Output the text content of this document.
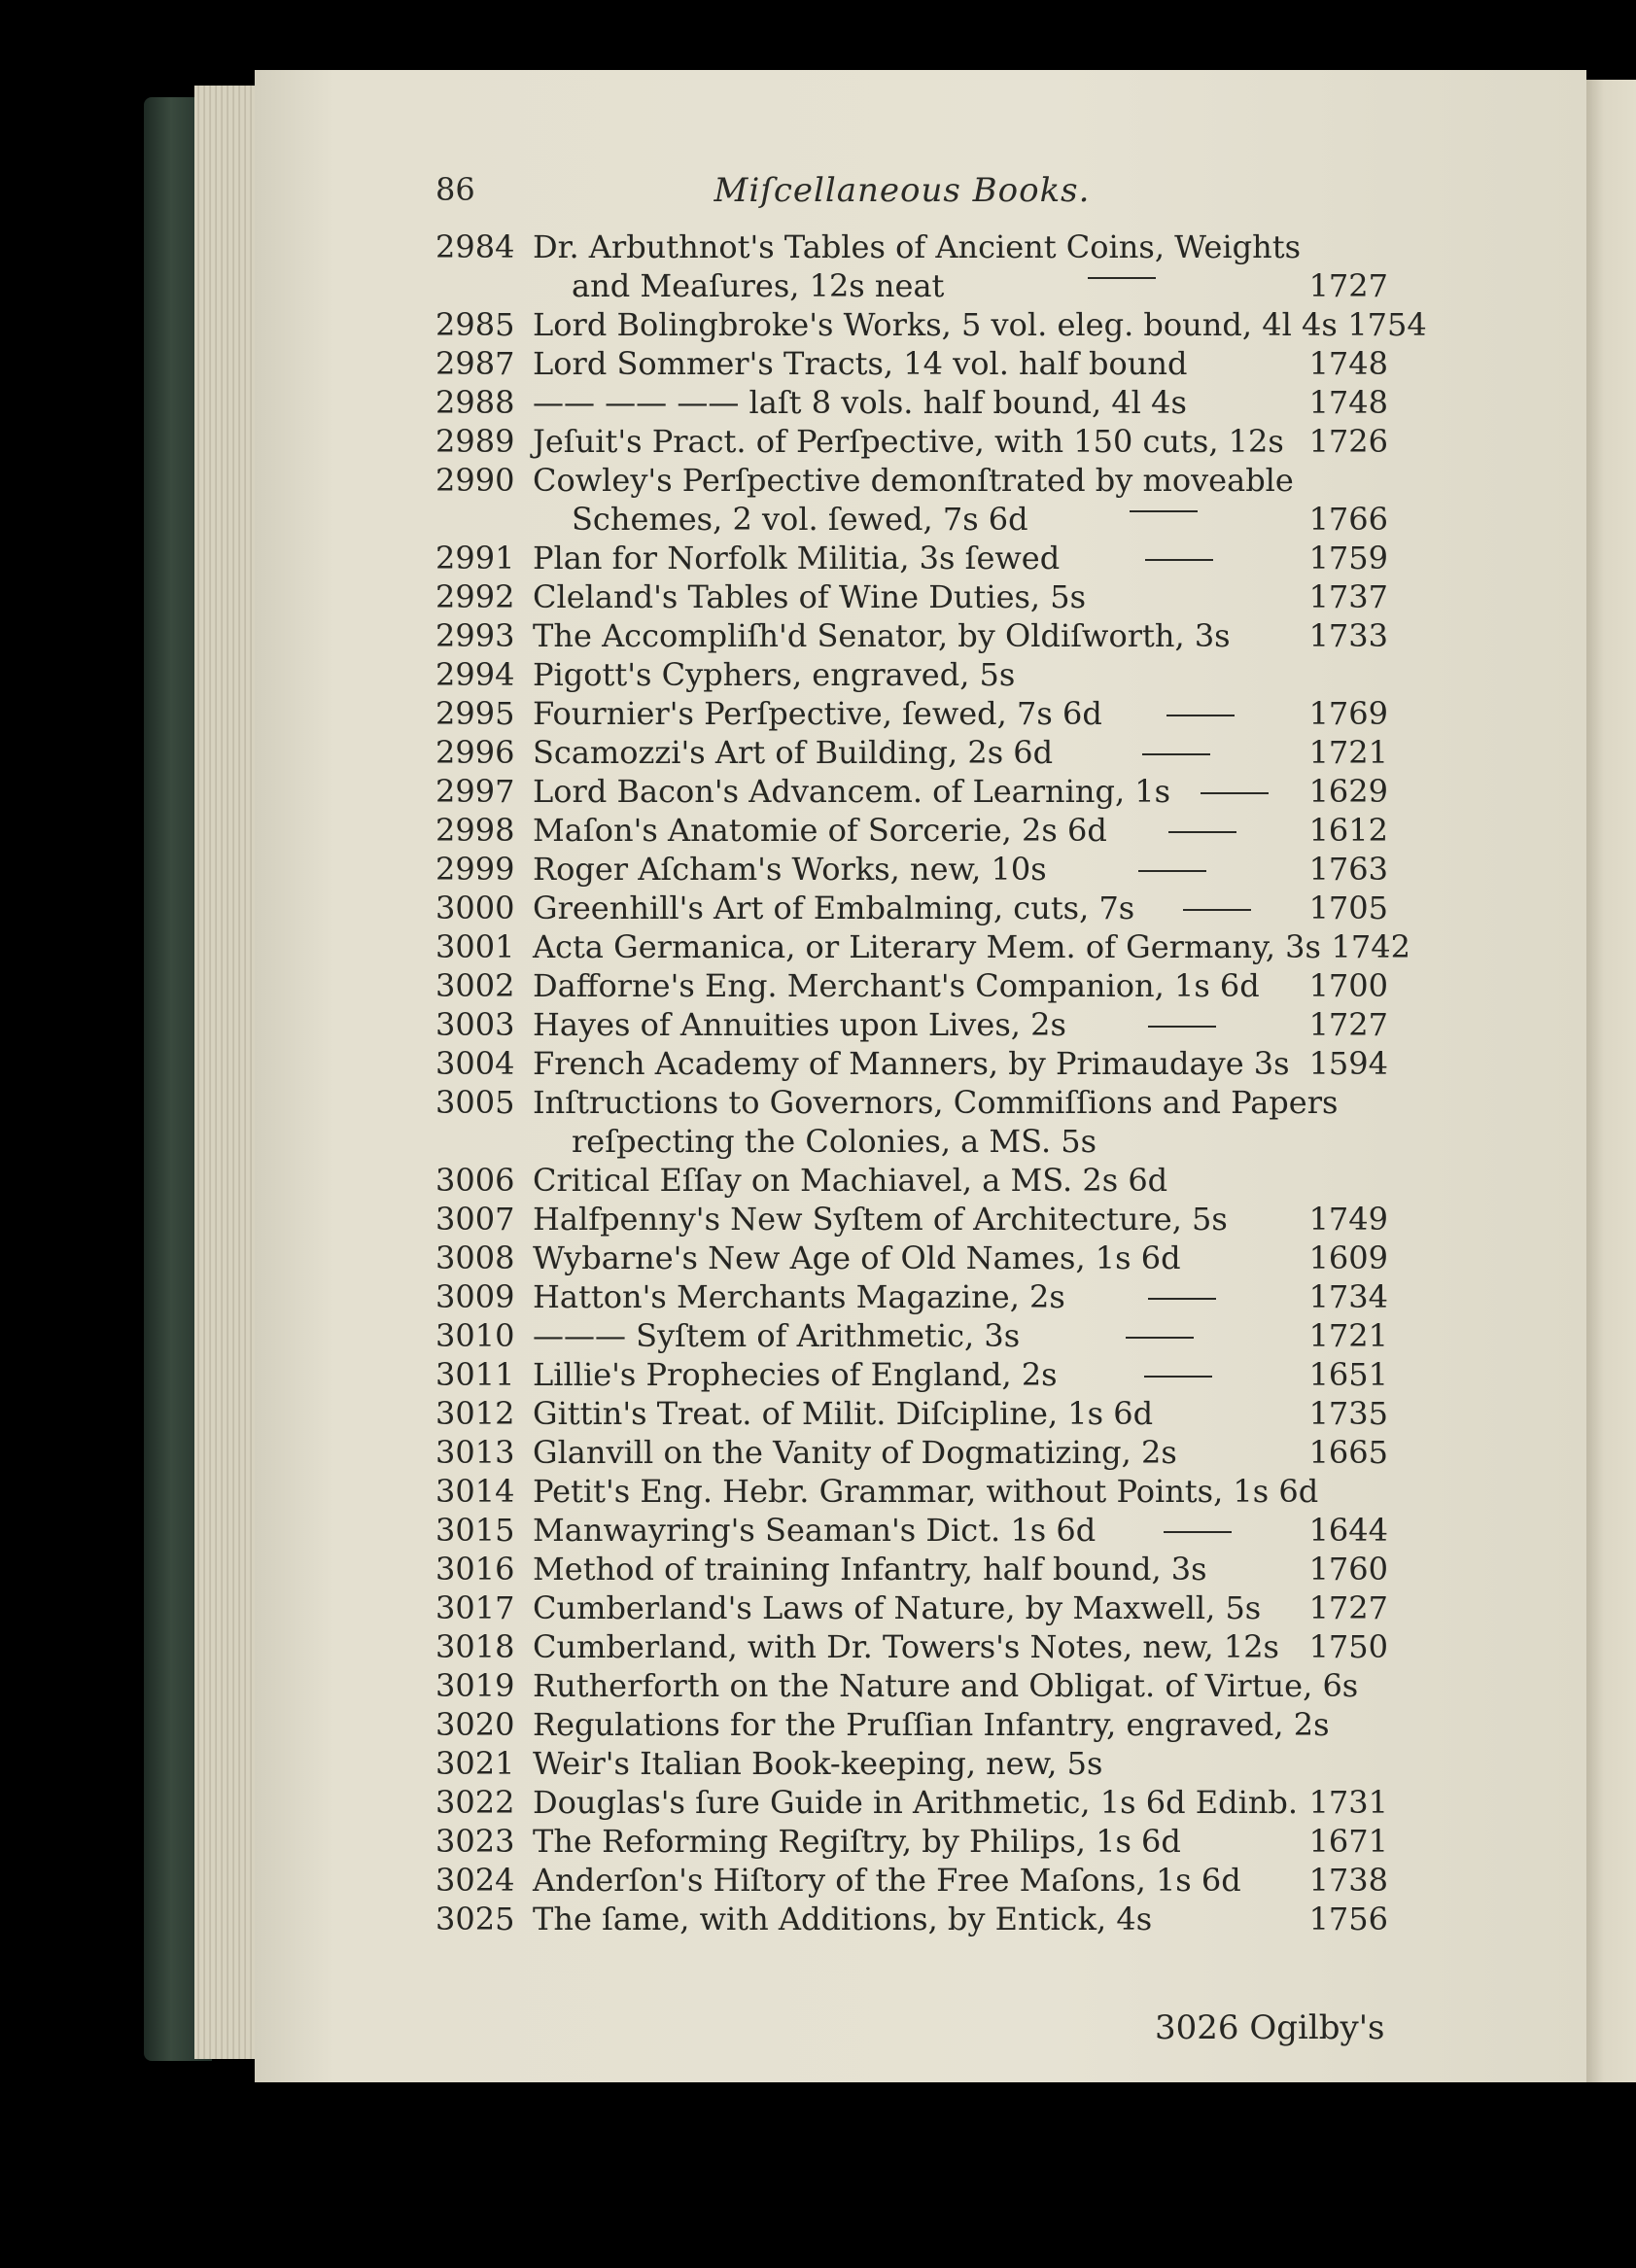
86	Miſcellaneous Books.
2984 Dr. Arbuthnot's Tables of Ancient Coins, Weights
and Meaſures, 12s neat	1727
2985 Lord Bolingbroke's Works, 5 vol. eleg. bound, 4l 4s 1754
2987 Lord Sommer's Tracts, 14 vol. half bound	1748
2988 —— —— —— laſt 8 vols. half bound, 4l 4s	1748
2989 Jeſuit's Pract. of Perſpective, with 150 cuts, 12s 1726
2990 Cowley's Perſpective demonſtrated by moveable
Schemes, 2 vol. ſewed, 7s 6d	1766
2991 Plan for Norfolk Militia, 3s ſewed	1759
2992 Cleland's Tables of Wine Duties, 5s	1737
2993 The Accompliſh'd Senator, by Oldiſworth, 3s	1733
2994 Pigott's Cyphers, engraved, 5s
2995 Fournier's Perſpective, ſewed, 7s 6d	1769
2996 Scamozzi's Art of Building, 2s 6d	1721
2997 Lord Bacon's Advancem. of Learning, 1s	1629
2998 Maſon's Anatomie of Sorcerie, 2s 6d	1612
2999 Roger Aſcham's Works, new, 10s	1763
3000 Greenhill's Art of Embalming, cuts, 7s	1705
3001 Acta Germanica, or Literary Mem. of Germany, 3s 1742
3002 Dafforne's Eng. Merchant's Companion, 1s 6d	1700
3003 Hayes of Annuities upon Lives, 2s	1727
3004 French Academy of Manners, by Primaudaye 3s 1594
3005 Inſtructions to Governors, Commiſſions and Papers
reſpecting the Colonies, a MS. 5s
3006 Critical Eſſay on Machiavel, a MS. 2s 6d
3007 Halfpenny's New Syſtem of Architecture, 5s	1749
3008 Wybarne's New Age of Old Names, 1s 6d	1609
3009 Hatton's Merchants Magazine, 2s	1734
3010 ——— Syſtem of Arithmetic, 3s	1721
3011 Lillie's Prophecies of England, 2s	1651
3012 Gittin's Treat. of Milit. Diſcipline, 1s 6d	1735
3013 Glanvill on the Vanity of Dogmatizing, 2s	1665
3014 Petit's Eng. Hebr. Grammar, without Points, 1s 6d
3015 Manwayring's Seaman's Dict. 1s 6d	1644
3016 Method of training Infantry, half bound, 3s	1760
3017 Cumberland's Laws of Nature, by Maxwell, 5s	1727
3018 Cumberland, with Dr. Towers's Notes, new, 12s 1750
3019 Rutherforth on the Nature and Obligat. of Virtue, 6s
3020 Regulations for the Pruſſian Infantry, engraved, 2s
3021 Weir's Italian Book-keeping, new, 5s
3022 Douglas's ſure Guide in Arithmetic, 1s 6d Edinb. 1731
3023 The Reforming Regiſtry, by Philips, 1s 6d	1671
3024 Anderſon's Hiſtory of the Free Maſons, 1s 6d	1738
3025 The ſame, with Additions, by Entick, 4s	1756
3026 Ogilby's
